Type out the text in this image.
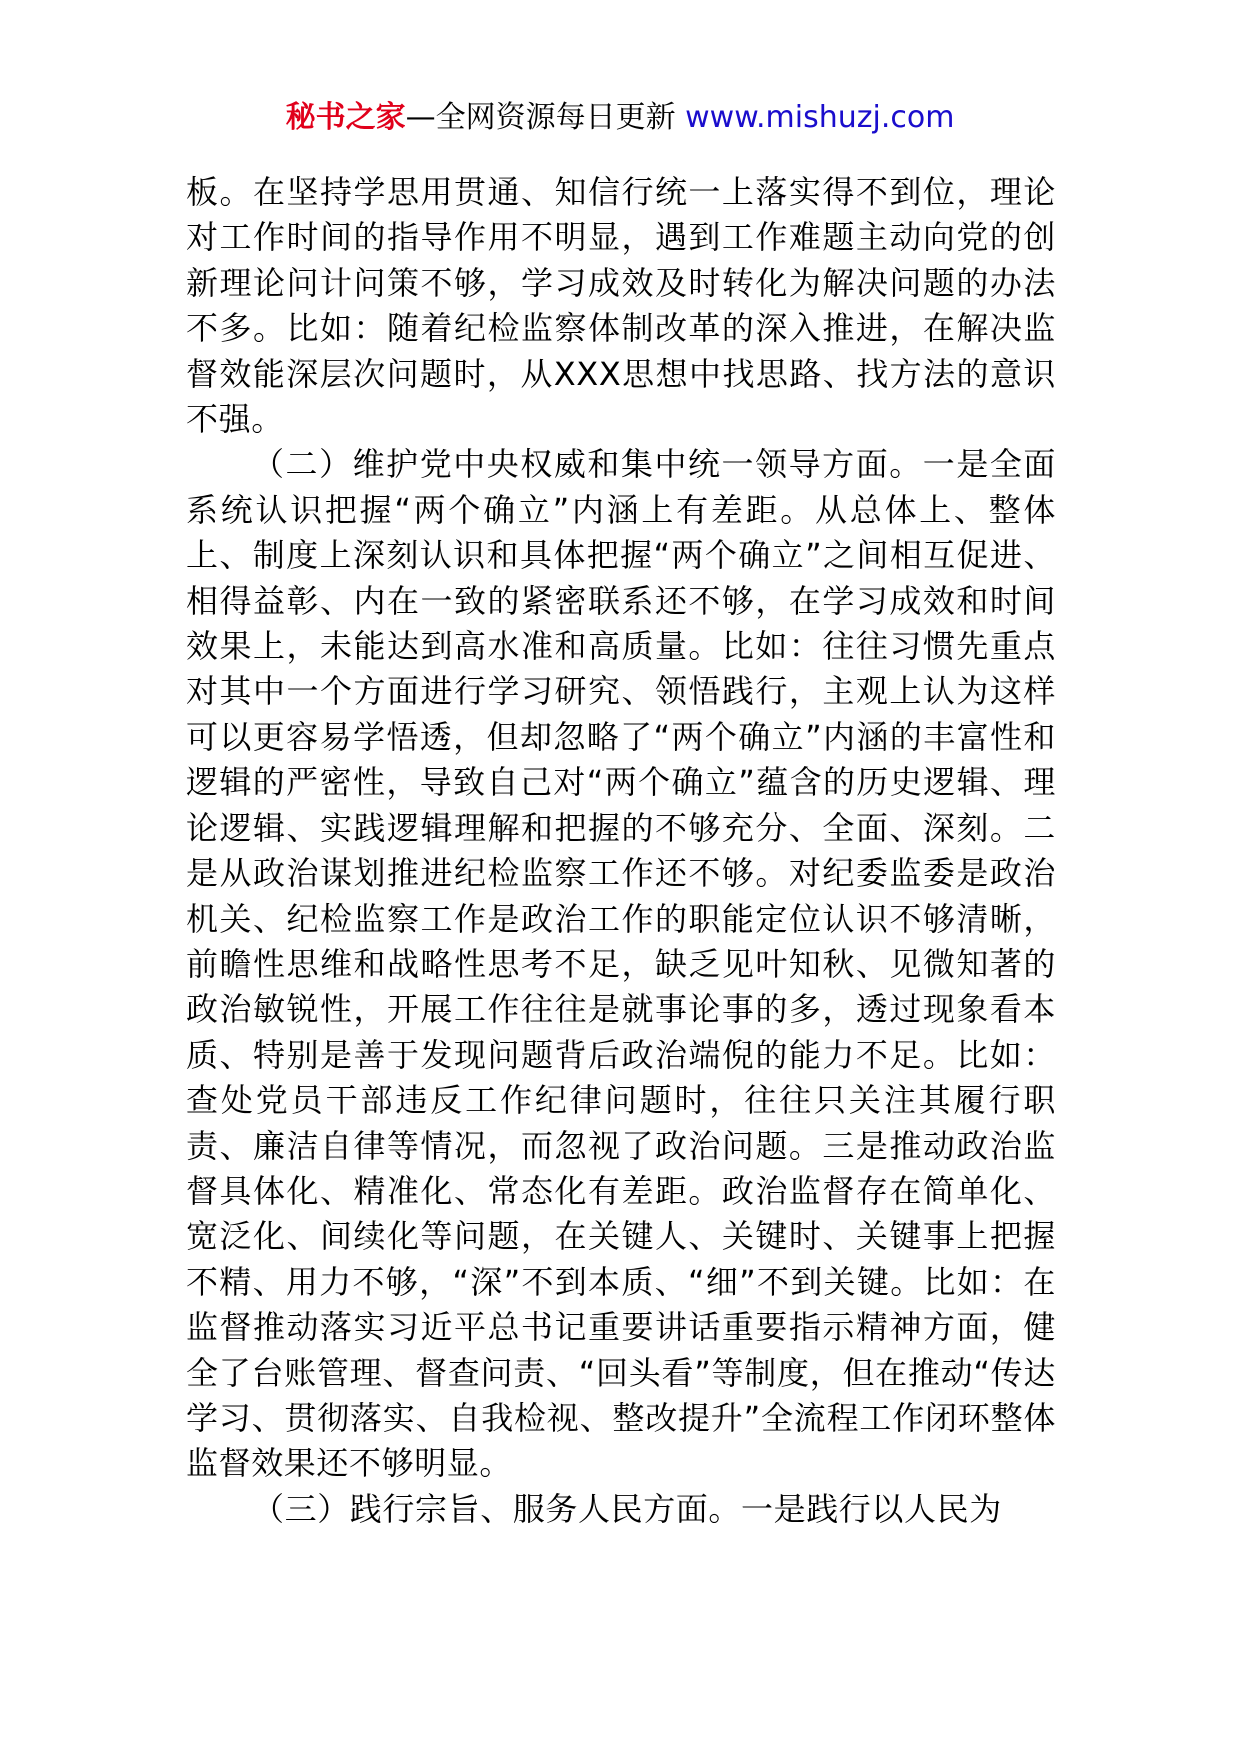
秘书之家—全网资源每日更新 www.mishuzj.com

板。在坚持学思用贯通、知信行统一上落实得不到位，理论对工作时间的指导作用不明显，遇到工作难题主动向党的创新理论问计问策不够，学习成效及时转化为解决问题的办法不多。比如：随着纪检监察体制改革的深入推进，在解决监督效能深层次问题时，从XXX思想中找思路、找方法的意识不强。

（二）维护党中央权威和集中统一领导方面。一是全面系统认识把握“两个确立”内涵上有差距。从总体上、整体上、制度上深刻认识和具体把握“两个确立”之间相互促进、相得益彰、内在一致的紧密联系还不够，在学习成效和时间效果上，未能达到高水准和高质量。比如：往往习惯先重点对其中一个方面进行学习研究、领悟践行，主观上认为这样可以更容易学悟透，但却忽略了“两个确立”内涵的丰富性和逻辑的严密性，导致自己对“两个确立”蕴含的历史逻辑、理论逻辑、实践逻辑理解和把握的不够充分、全面、深刻。二是从政治谋划推进纪检监察工作还不够。对纪委监委是政治机关、纪检监察工作是政治工作的职能定位认识不够清晰，前瞻性思维和战略性思考不足，缺乏见叶知秋、见微知著的政治敏锐性，开展工作往往是就事论事的多，透过现象看本质、特别是善于发现问题背后政治端倪的能力不足。比如：查处党员干部违反工作纪律问题时，往往只关注其履行职责、廉洁自律等情况，而忽视了政治问题。三是推动政治监督具体化、精准化、常态化有差距。政治监督存在简单化、宽泛化、间续化等问题，在关键人、关键时、关键事上把握不精、用力不够，“深”不到本质、“细”不到关键。比如：在监督推动落实习近平总书记重要讲话重要指示精神方面，健全了台账管理、督查问责、“回头看”等制度，但在推动“传达学习、贯彻落实、自我检视、整改提升”全流程工作闭环整体监督效果还不够明显。

（三）践行宗旨、服务人民方面。一是践行以人民为
